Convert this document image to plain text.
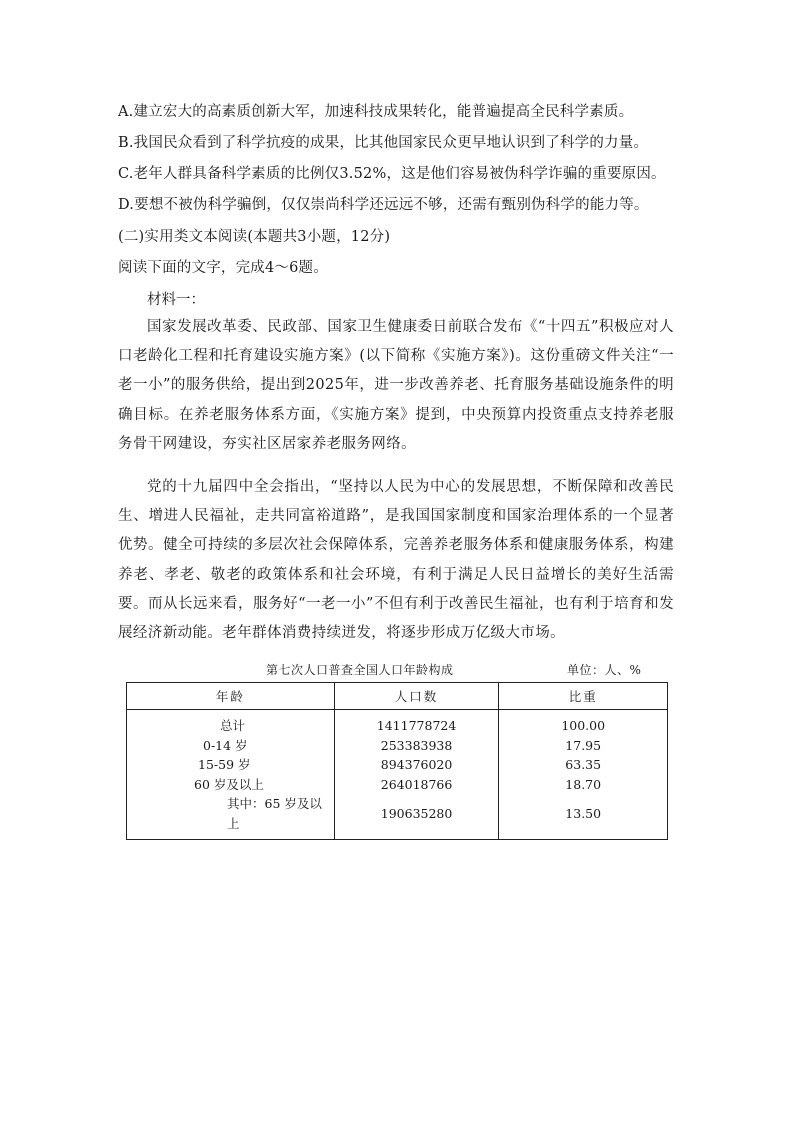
A.建立宏大的高素质创新大军，加速科技成果转化，能普遍提高全民科学素质。
B.我国民众看到了科学抗疫的成果，比其他国家民众更早地认识到了科学的力量。
C.老年人群具备科学素质的比例仅3.52%，这是他们容易被伪科学诈骗的重要原因。
D.要想不被伪科学骗倒，仅仅崇尚科学还远远不够，还需有甄别伪科学的能力等。
(二)实用类文本阅读(本题共3小题，12分)
阅读下面的文字，完成4～6题。
材料一：
国家发展改革委、民政部、国家卫生健康委日前联合发布《“十四五”积极应对人口老龄化工程和托育建设实施方案》(以下简称《实施方案》)。这份重磅文件关注“一老一小”的服务供给，提出到2025年，进一步改善养老、托育服务基础设施条件的明确目标。在养老服务体系方面，《实施方案》提到，中央预算内投资重点支持养老服务骨干网建设，夯实社区居家养老服务网络。
党的十九届四中全会指出，“坚持以人民为中心的发展思想，不断保障和改善民生、增进人民福祉，走共同富裕道路”，是我国国家制度和国家治理体系的一个显著优势。健全可持续的多层次社会保障体系，完善养老服务体系和健康服务体系，构建养老、孝老、敬老的政策体系和社会环境，有利于满足人民日益增长的美好生活需要。而从长远来看，服务好“一老一小”不但有利于改善民生福祉，也有利于培育和发展经济新动能。老年群体消费持续迸发，将逐步形成万亿级大市场。
第七次人口普查全国人口年龄构成	单位：人、%
年龄	人口数	比重
总计	1411778724	100.00
0-14 岁	253383938	17.95
15-59 岁	894376020	63.35
60 岁及以上	264018766	18.70
其中：65 岁及以上	190635280	13.50
